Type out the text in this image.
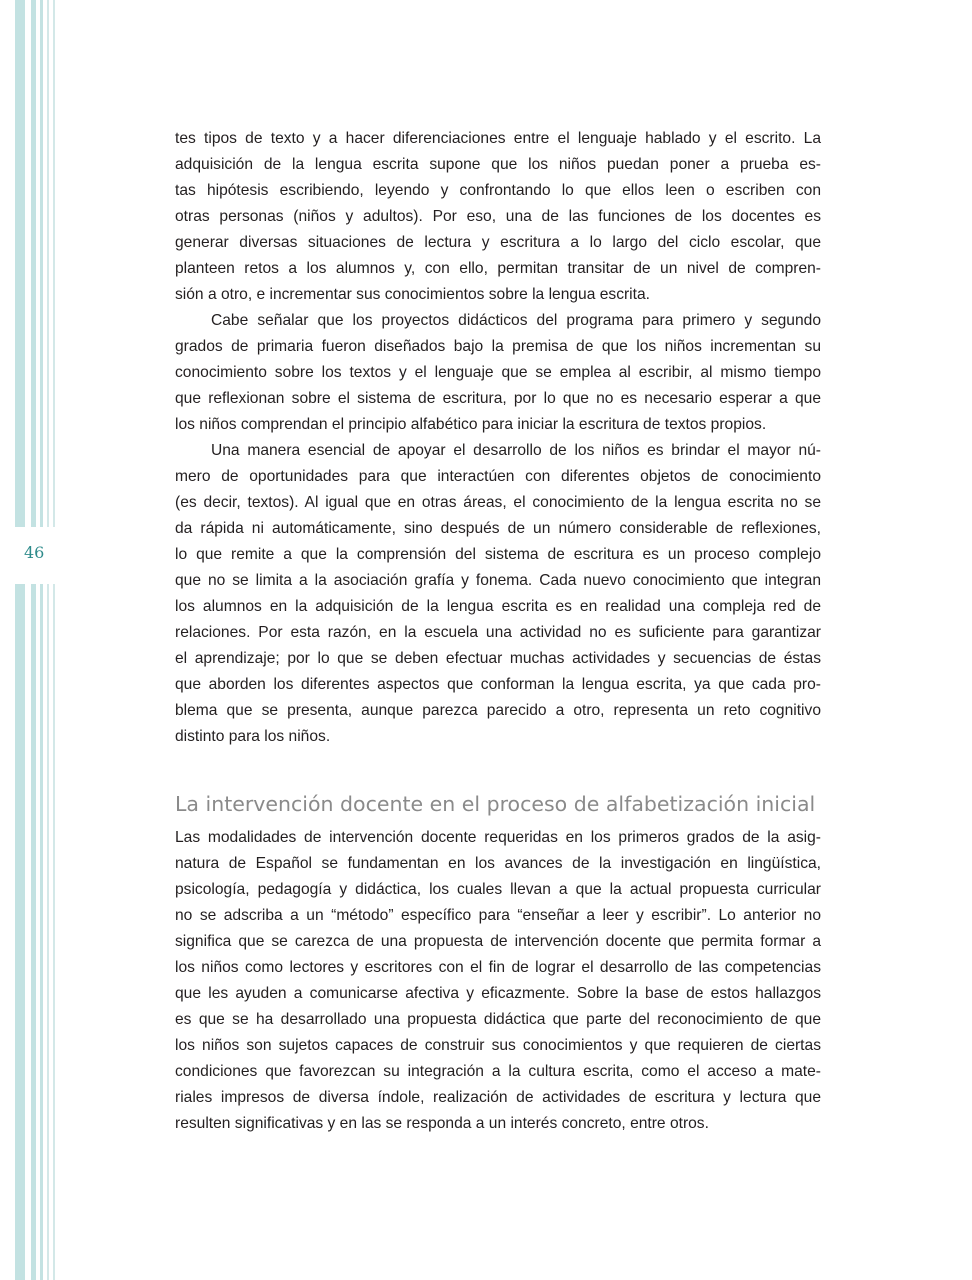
46
tes tipos de texto y a hacer diferenciaciones entre el lenguaje hablado y el escrito. La
adquisición de la lengua escrita supone que los niños puedan poner a prueba es-
tas hipótesis escribiendo, leyendo y confrontando lo que ellos leen o escriben con
otras personas (niños y adultos). Por eso, una de las funciones de los docentes es
generar diversas situaciones de lectura y escritura a lo largo del ciclo escolar, que
planteen retos a los alumnos y, con ello, permitan transitar de un nivel de compren-
sión a otro, e incrementar sus conocimientos sobre la lengua escrita.
Cabe señalar que los proyectos didácticos del programa para primero y segundo
grados de primaria fueron diseñados bajo la premisa de que los niños incrementan su
conocimiento sobre los textos y el lenguaje que se emplea al escribir, al mismo tiempo
que reflexionan sobre el sistema de escritura, por lo que no es necesario esperar a que
los niños comprendan el principio alfabético para iniciar la escritura de textos propios.
Una manera esencial de apoyar el desarrollo de los niños es brindar el mayor nú-
mero de oportunidades para que interactúen con diferentes objetos de conocimiento
(es decir, textos). Al igual que en otras áreas, el conocimiento de la lengua escrita no se
da rápida ni automáticamente, sino después de un número considerable de reflexiones,
lo que remite a que la comprensión del sistema de escritura es un proceso complejo
que no se limita a la asociación grafía y fonema. Cada nuevo conocimiento que integran
los alumnos en la adquisición de la lengua escrita es en realidad una compleja red de
relaciones. Por esta razón, en la escuela una actividad no es suficiente para garantizar
el aprendizaje; por lo que se deben efectuar muchas actividades y secuencias de éstas
que aborden los diferentes aspectos que conforman la lengua escrita, ya que cada pro-
blema que se presenta, aunque parezca parecido a otro, representa un reto cognitivo
distinto para los niños.
La intervención docente en el proceso de alfabetización inicial
Las modalidades de intervención docente requeridas en los primeros grados de la asig-
natura de Español se fundamentan en los avances de la investigación en lingüística,
psicología, pedagogía y didáctica, los cuales llevan a que la actual propuesta curricular
no se adscriba a un “método” específico para “enseñar a leer y escribir”. Lo anterior no
significa que se carezca de una propuesta de intervención docente que permita formar a
los niños como lectores y escritores con el fin de lograr el desarrollo de las competencias
que les ayuden a comunicarse afectiva y eficazmente. Sobre la base de estos hallazgos
es que se ha desarrollado una propuesta didáctica que parte del reconocimiento de que
los niños son sujetos capaces de construir sus conocimientos y que requieren de ciertas
condiciones que favorezcan su integración a la cultura escrita, como el acceso a mate-
riales impresos de diversa índole, realización de actividades de escritura y lectura que
resulten significativas y en las se responda a un interés concreto, entre otros.
